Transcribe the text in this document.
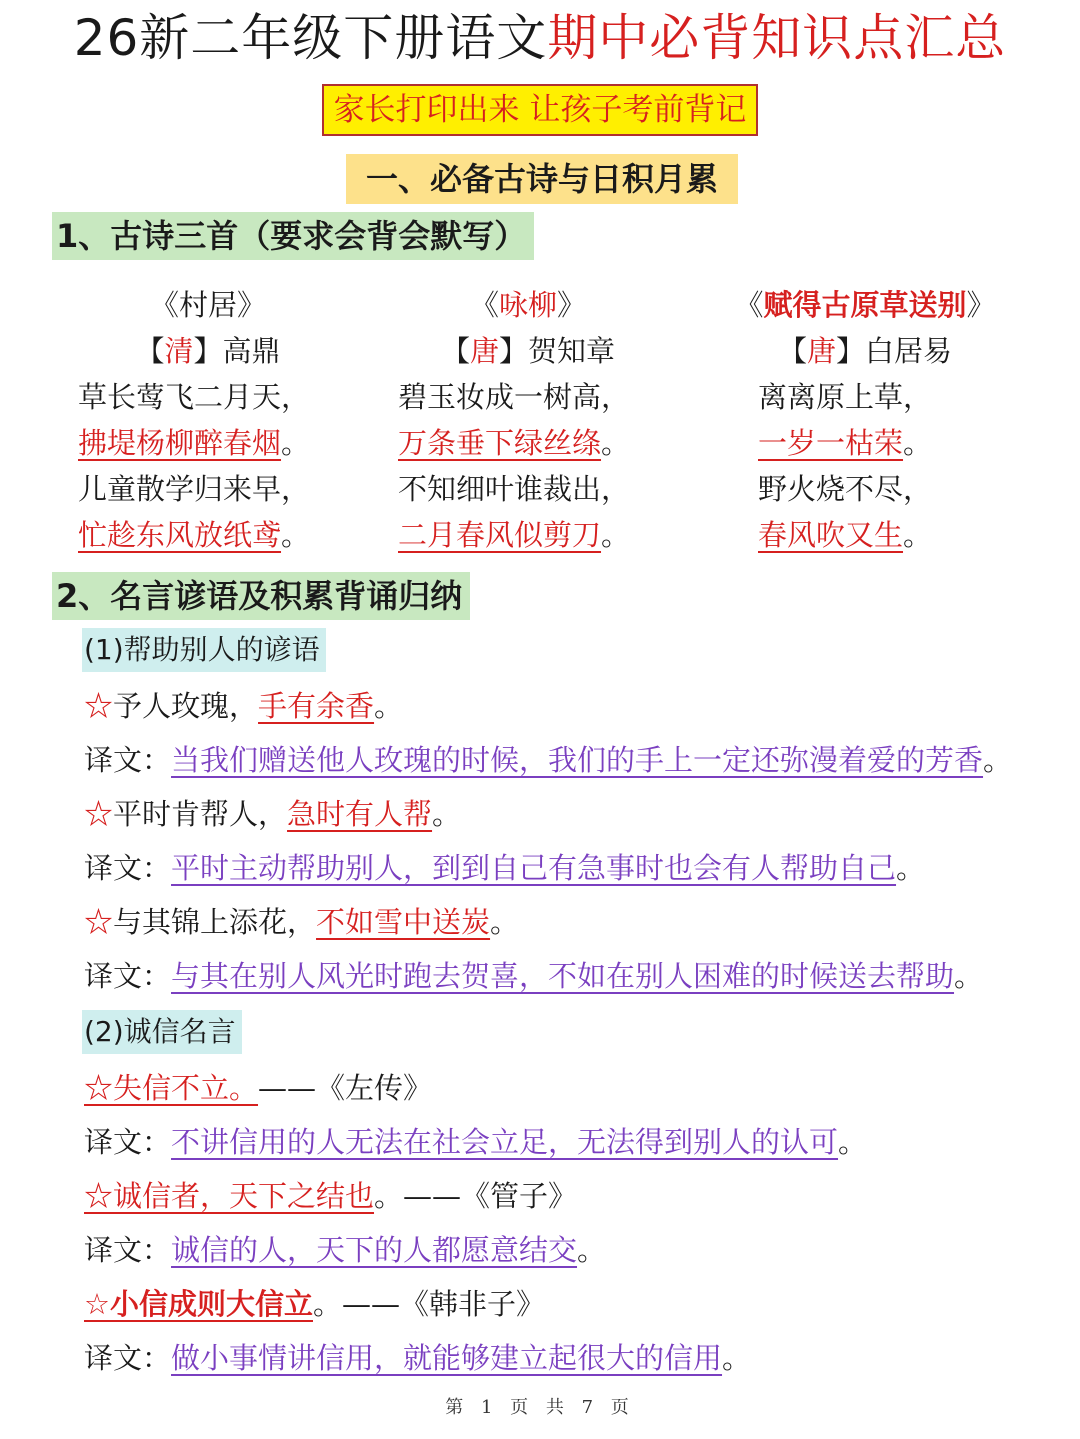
26新二年级下册语文期中必背知识点汇总
家长打印出来 让孩子考前背记
一、必备古诗与日积月累
1、古诗三首（要求会背会默写）
《村居》
【清】高鼎
草长莺飞二月天，
拂堤杨柳醉春烟。
儿童散学归来早，
忙趁东风放纸鸢。
《咏柳》
【唐】贺知章
碧玉妆成一树高，
万条垂下绿丝绦。
不知细叶谁裁出，
二月春风似剪刀。
《赋得古原草送别》
【唐】白居易
离离原上草，
一岁一枯荣。
野火烧不尽，
春风吹又生。
2、名言谚语及积累背诵归纳
(1)帮助别人的谚语
☆予人玫瑰，手有余香。
译文：当我们赠送他人玫瑰的时候，我们的手上一定还弥漫着爱的芳香。
☆平时肯帮人，急时有人帮。
译文：平时主动帮助别人，到到自己有急事时也会有人帮助自己。
☆与其锦上添花，不如雪中送炭。
译文：与其在别人风光时跑去贺喜，不如在别人困难的时候送去帮助。
(2)诚信名言
☆失信不立。——《左传》
译文：不讲信用的人无法在社会立足，无法得到别人的认可。
☆诚信者，天下之结也。——《管子》
译文：诚信的人，天下的人都愿意结交。
☆小信成则大信立。——《韩非子》
译文：做小事情讲信用，就能够建立起很大的信用。
第 1 页 共 7 页
